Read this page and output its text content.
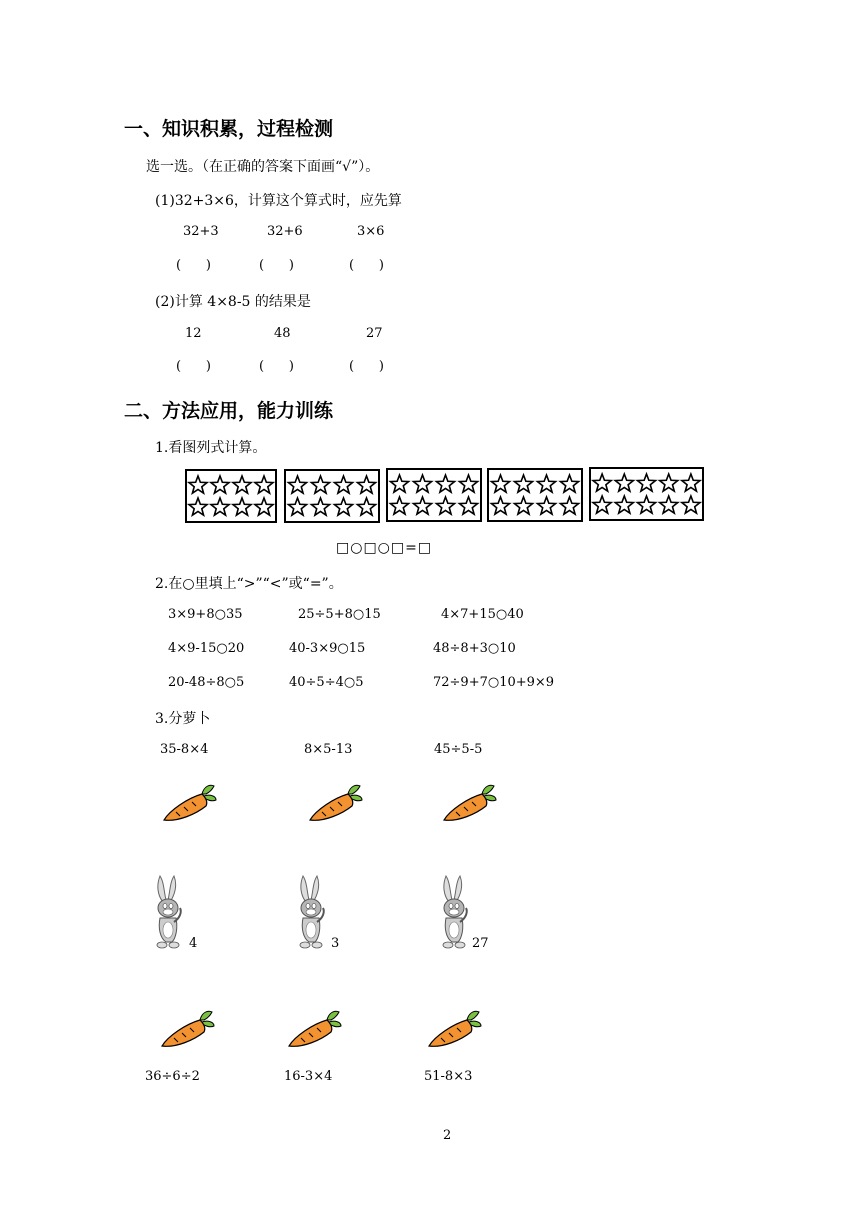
一、知识积累，过程检测
选一选。（在正确的答案下面画“√”）。
(1)32+3×6，计算这个算式时，应先算
32+3	32+6	3×6
(      )	(      )	(      )
(2)计算 4×8-5 的结果是
12	48	27
(      )	(      )	(      )
二、方法应用，能力训练
1.看图列式计算。
□○□○□=□
2.在○里填上“>”“<”或“=”。
3×9+8○35	25÷5+8○15	4×7+15○40
4×9-15○20	40-3×9○15	48÷8+3○10
20-48÷8○5	40÷5÷4○5	72÷9+7○10+9×9
3.分萝卜
35-8×4	8×5-13	45÷5-5
4	3	27
36÷6÷2	16-3×4	51-8×3
2
